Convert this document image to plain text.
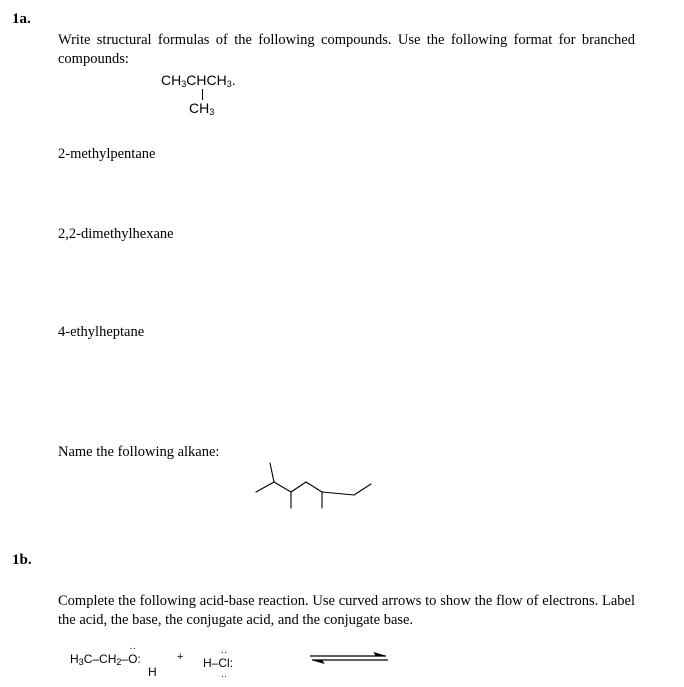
1a.
Write structural formulas of the following compounds. Use the following format for branched compounds:
$CH_3CHCH_3$.
$CH_3$
2-methylpentane
2,2-dimethylhexane
4-ethylheptane
Name the following alkane:
1b.
Complete the following acid-base reaction. Use curved arrows to show the flow of electrons. Label the acid, the base, the conjugate acid, and the conjugate base.
$H_3C-CH_2-O$
··
:
H
+ H–Cl
··
..
:
